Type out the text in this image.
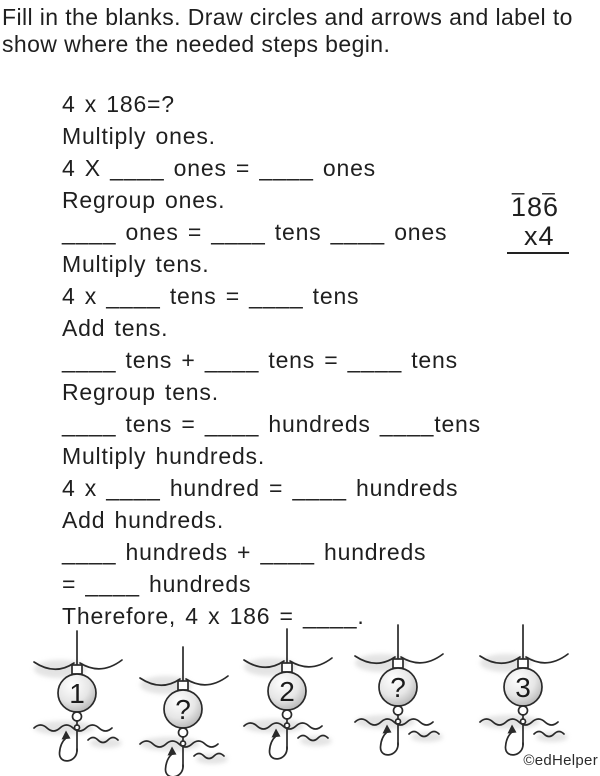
Fill in the blanks. Draw circles and arrows and label to
show where the needed steps begin.
4 x 186=?
Multiply ones.
4 X ____ ones = ____ ones
Regroup ones.
____ ones = ____ tens ____ ones
Multiply tens.
4 x ____ tens = ____ tens
Add tens.
____ tens + ____ tens = ____ tens
Regroup tens.
____ tens = ____ hundreds ____tens
Multiply hundreds.
4 x ____ hundred = ____ hundreds
Add hundreds.
____ hundreds + ____ hundreds
= ____ hundreds
Therefore, 4 x 186 = ____.
_ _
186
x4
©edHelper
1
?
2	?	3
